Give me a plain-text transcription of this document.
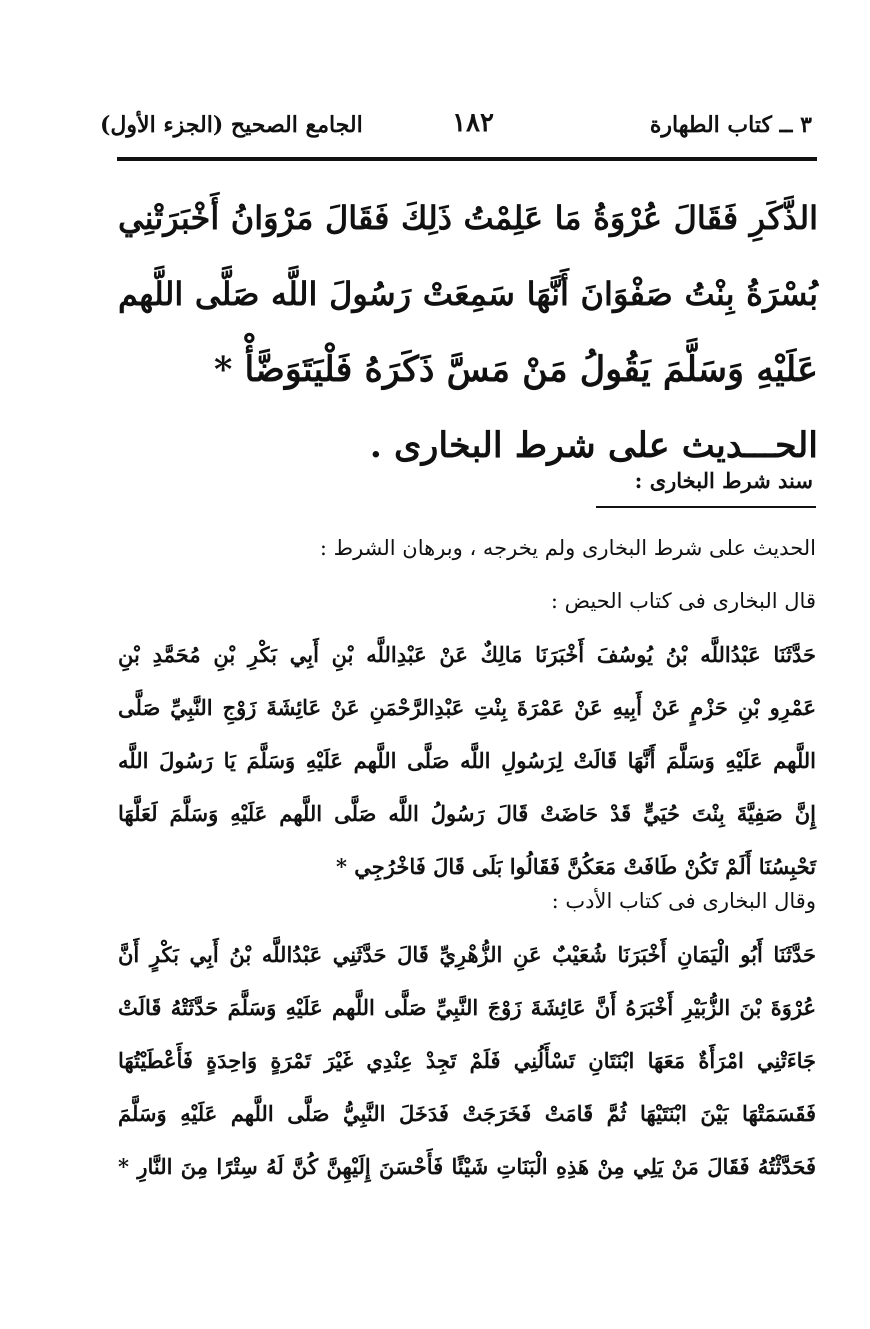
٣ ــ كتاب الطهارة
١٨٢
الجامع الصحيح (الجزء الأول)
الذَّكَرِ فَقَالَ عُرْوَةُ مَا عَلِمْتُ ذَلِكَ فَقَالَ مَرْوَانُ أَخْبَرَتْنِي
بُسْرَةُ بِنْتُ صَفْوَانَ أَنَّهَا سَمِعَتْ رَسُولَ اللَّه صَلَّى اللَّهم
عَلَيْهِ وَسَلَّمَ يَقُولُ مَنْ مَسَّ ذَكَرَهُ فَلْيَتَوَضَّأْ *
الحـــديث على شرط البخارى .
سند شرط البخارى :
الحديث على شرط البخارى ولم يخرجه ، وبرهان الشرط :
قال البخارى فى كتاب الحيض :
حَدَّثَنَا عَبْدُاللَّه بْنُ يُوسُفَ أَخْبَرَنَا مَالِكٌ عَنْ عَبْدِاللَّه بْنِ أَبِي بَكْرِ بْنِ مُحَمَّدِ بْنِ
عَمْرِو بْنِ حَزْمٍ عَنْ أَبِيهِ عَنْ عَمْرَةَ بِنْتِ عَبْدِالرَّحْمَنِ عَنْ عَائِشَةَ زَوْجِ النَّبِيِّ صَلَّى
اللَّهم عَلَيْهِ وَسَلَّمَ أَنَّهَا قَالَتْ لِرَسُولِ اللَّه صَلَّى اللَّهم عَلَيْهِ وَسَلَّمَ يَا رَسُولَ اللَّه
إِنَّ صَفِيَّةَ بِنْتَ حُيَيٍّ قَدْ حَاضَتْ قَالَ رَسُولُ اللَّه صَلَّى اللَّهم عَلَيْهِ وَسَلَّمَ لَعَلَّهَا
تَحْبِسُنَا أَلَمْ تَكُنْ طَافَتْ مَعَكُنَّ فَقَالُوا بَلَى قَالَ فَاخْرُجِي *
وقال البخارى فى كتاب الأدب :
حَدَّثَنَا أَبُو الْيَمَانِ أَخْبَرَنَا شُعَيْبٌ عَنِ الزُّهْرِيِّ قَالَ حَدَّثَنِي عَبْدُاللَّه بْنُ أَبِي بَكْرٍ أَنَّ
عُرْوَةَ بْنَ الزُّبَيْرِ أَخْبَرَهُ أَنَّ عَائِشَةَ زَوْجَ النَّبِيِّ صَلَّى اللَّهم عَلَيْهِ وَسَلَّمَ حَدَّثَتْهُ قَالَتْ
جَاءَتْنِي امْرَأَةٌ مَعَهَا ابْنَتَانِ تَسْأَلُنِي فَلَمْ تَجِدْ عِنْدِي غَيْرَ تَمْرَةٍ وَاحِدَةٍ فَأَعْطَيْتُهَا
فَقَسَمَتْهَا بَيْنَ ابْنَتَيْهَا ثُمَّ قَامَتْ فَخَرَجَتْ فَدَخَلَ النَّبِيُّ صَلَّى اللَّهم عَلَيْهِ وَسَلَّمَ
فَحَدَّثْتُهُ فَقَالَ مَنْ يَلِي مِنْ هَذِهِ الْبَنَاتِ شَيْئًا فَأَحْسَنَ إِلَيْهِنَّ كُنَّ لَهُ سِتْرًا مِنَ النَّارِ *
